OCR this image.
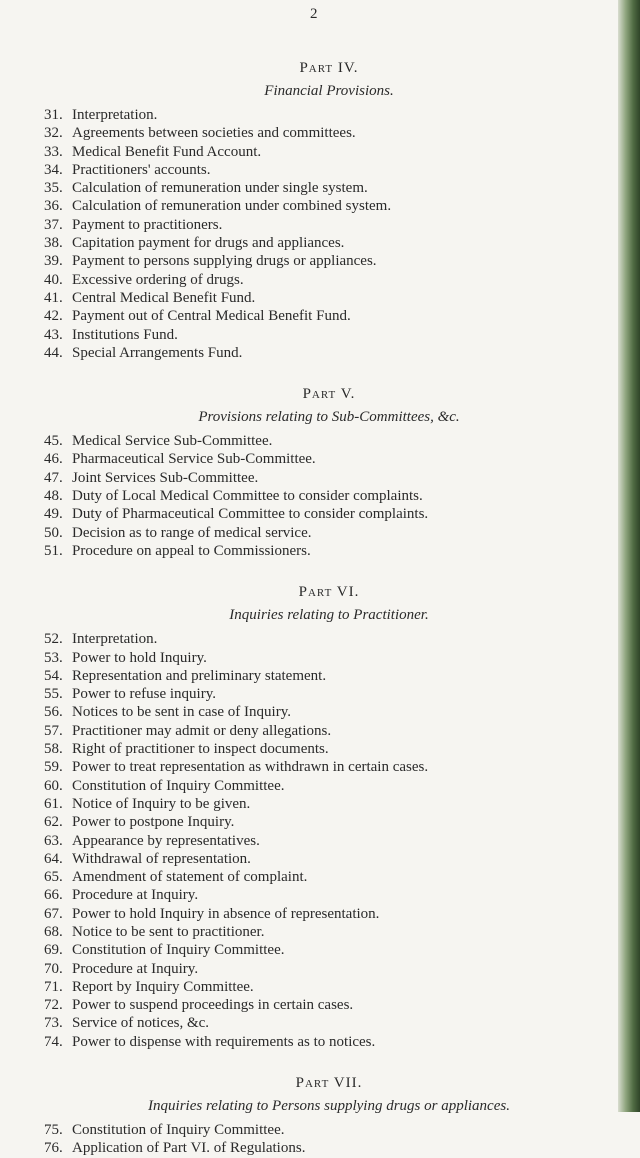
2
Part IV.
Financial Provisions.
31. Interpretation.
32. Agreements between societies and committees.
33. Medical Benefit Fund Account.
34. Practitioners' accounts.
35. Calculation of remuneration under single system.
36. Calculation of remuneration under combined system.
37. Payment to practitioners.
38. Capitation payment for drugs and appliances.
39. Payment to persons supplying drugs or appliances.
40. Excessive ordering of drugs.
41. Central Medical Benefit Fund.
42. Payment out of Central Medical Benefit Fund.
43. Institutions Fund.
44. Special Arrangements Fund.
Part V.
Provisions relating to Sub-Committees, &c.
45. Medical Service Sub-Committee.
46. Pharmaceutical Service Sub-Committee.
47. Joint Services Sub-Committee.
48. Duty of Local Medical Committee to consider complaints.
49. Duty of Pharmaceutical Committee to consider complaints.
50. Decision as to range of medical service.
51. Procedure on appeal to Commissioners.
Part VI.
Inquiries relating to Practitioner.
52. Interpretation.
53. Power to hold Inquiry.
54. Representation and preliminary statement.
55. Power to refuse inquiry.
56. Notices to be sent in case of Inquiry.
57. Practitioner may admit or deny allegations.
58. Right of practitioner to inspect documents.
59. Power to treat representation as withdrawn in certain cases.
60. Constitution of Inquiry Committee.
61. Notice of Inquiry to be given.
62. Power to postpone Inquiry.
63. Appearance by representatives.
64. Withdrawal of representation.
65. Amendment of statement of complaint.
66. Procedure at Inquiry.
67. Power to hold Inquiry in absence of representation.
68. Notice to be sent to practitioner.
69. Constitution of Inquiry Committee.
70. Procedure at Inquiry.
71. Report by Inquiry Committee.
72. Power to suspend proceedings in certain cases.
73. Service of notices, &c.
74. Power to dispense with requirements as to notices.
Part VII.
Inquiries relating to Persons supplying drugs or appliances.
75. Constitution of Inquiry Committee.
76. Application of Part VI. of Regulations.
